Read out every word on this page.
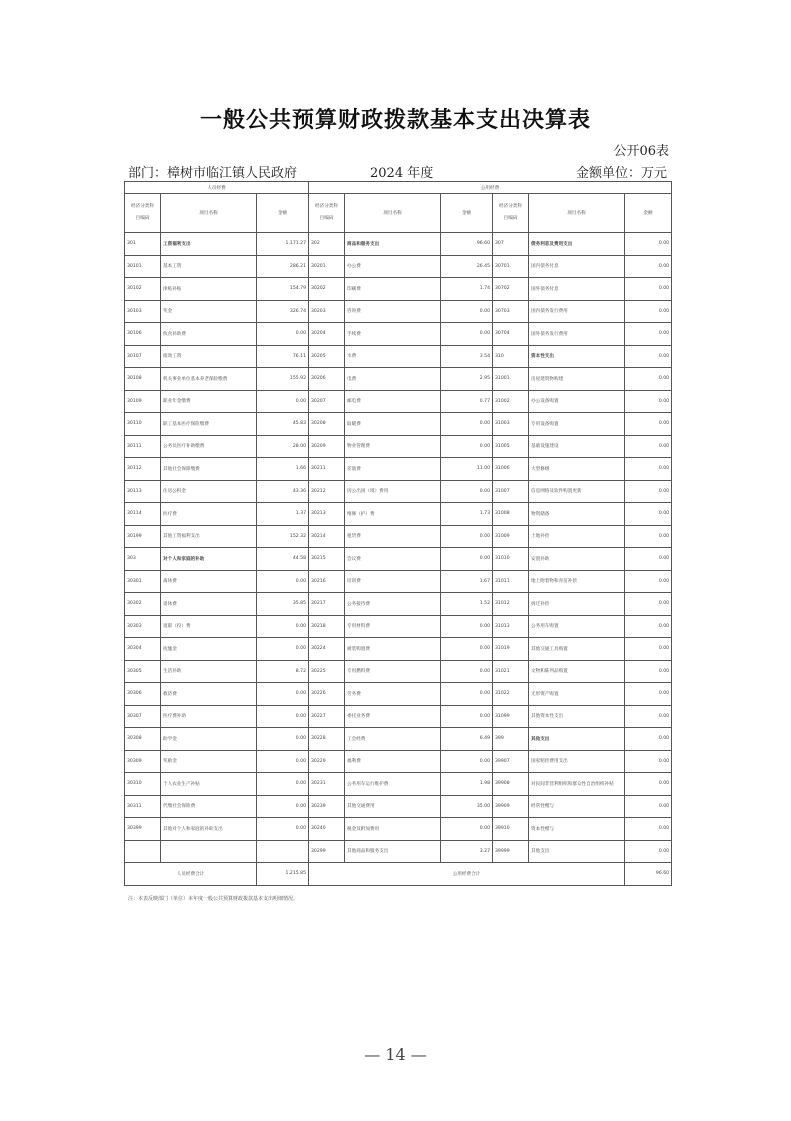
一般公共预算财政拨款基本支出决算表
公开06表
部门：樟树市临江镇人民政府	2024 年度	金额单位：万元
人员经费			公用经费					

经济分类科
目编码	项目名称	金额	经济分类科
目编码	项目名称	金额	经济分类科
目编码	项目名称	金额
301	工资福利支出	1,171.27	302	商品和服务支出	96.60	307	债务利息及费用支出	0.00
30101	基本工资	286.21	30201	办公费	26.45	30701	国内债务付息	0.00
30102	津贴补贴	154.79	30202	印刷费	1.74	30702	国外债务付息	0.00
30103	奖金	326.74	30203	咨询费	0.00	30703	国内债务发行费用	0.00
30106	伙食补助费	0.00	30204	手续费	0.00	30704	国外债务发行费用	0.00
30107	绩效工资	76.11	30205	水费	3.54	310	资本性支出	0.00
30108	机关事业单位基本养老保险缴费	155.92	30206	电费	2.95	31001	房屋建筑物购建	0.00
30109	职业年金缴费	0.00	30207	邮电费	0.77	31002	办公设备购置	0.00
30110	职工基本医疗保险缴费	45.83	30208	取暖费	0.00	31003	专用设备购置	0.00
30111	公务员医疗补助缴费	28.00	30209	物业管理费	0.00	31005	基础设施建设	0.00
30112	其他社会保障缴费	1.66	30211	差旅费	11.00	31006	大型修缮	0.00
30113	住房公积金	43.36	30212	因公出国（境）费用	0.00	31007	信息网络及软件购置更新	0.00
30114	医疗费	1.37	30213	维修（护）费	1.73	31008	物资储备	0.00
30199	其他工资福利支出	152.32	30214	租赁费	0.00	31009	土地补偿	0.00
303	对个人和家庭的补助	44.58	30215	会议费	0.00	31010	安置补助	0.00
30301	离休费	0.00	30216	培训费	1.67	31011	地上附着物和青苗补偿	0.00
30302	退休费	35.85	30217	公务接待费	1.52	31012	拆迁补偿	0.00
30303	退职（役）费	0.00	30218	专用材料费	0.00	31013	公务用车购置	0.00
30304	抚恤金	0.00	30224	被装购置费	0.00	31019	其他交通工具购置	0.00
30305	生活补助	8.72	30225	专用燃料费	0.00	31021	文物和陈列品购置	0.00
30306	救济费	0.00	30226	劳务费	0.00	31022	无形资产购置	0.00
30307	医疗费补助	0.00	30227	委托业务费	0.00	31099	其他资本性支出	0.00
30308	助学金	0.00	30228	工会经费	6.49	399	其他支出	0.00
30309	奖励金	0.00	30229	福利费	0.00	39907	国家赔偿费用支出	0.00
30310	个人农业生产补贴	0.00	30231	公务用车运行维护费	1.98	39908	对民间非营利组织和群众性自治组织补贴	0.00
30311	代缴社会保险费	0.00	30239	其他交通费用	35.00	39909	经常性赠与	0.00
30399	其他对个人和家庭的补助支出	0.00	30240	税金及附加费用	0.00	39910	资本性赠与	0.00
			30299	其他商品和服务支出	3.27	39999	其他支出	0.00
人员经费合计		1,215.85	公用经费合计					96.60
注：本表反映部门（单位）本年度一般公共预算财政拨款基本支出明细情况。
— 14 —
